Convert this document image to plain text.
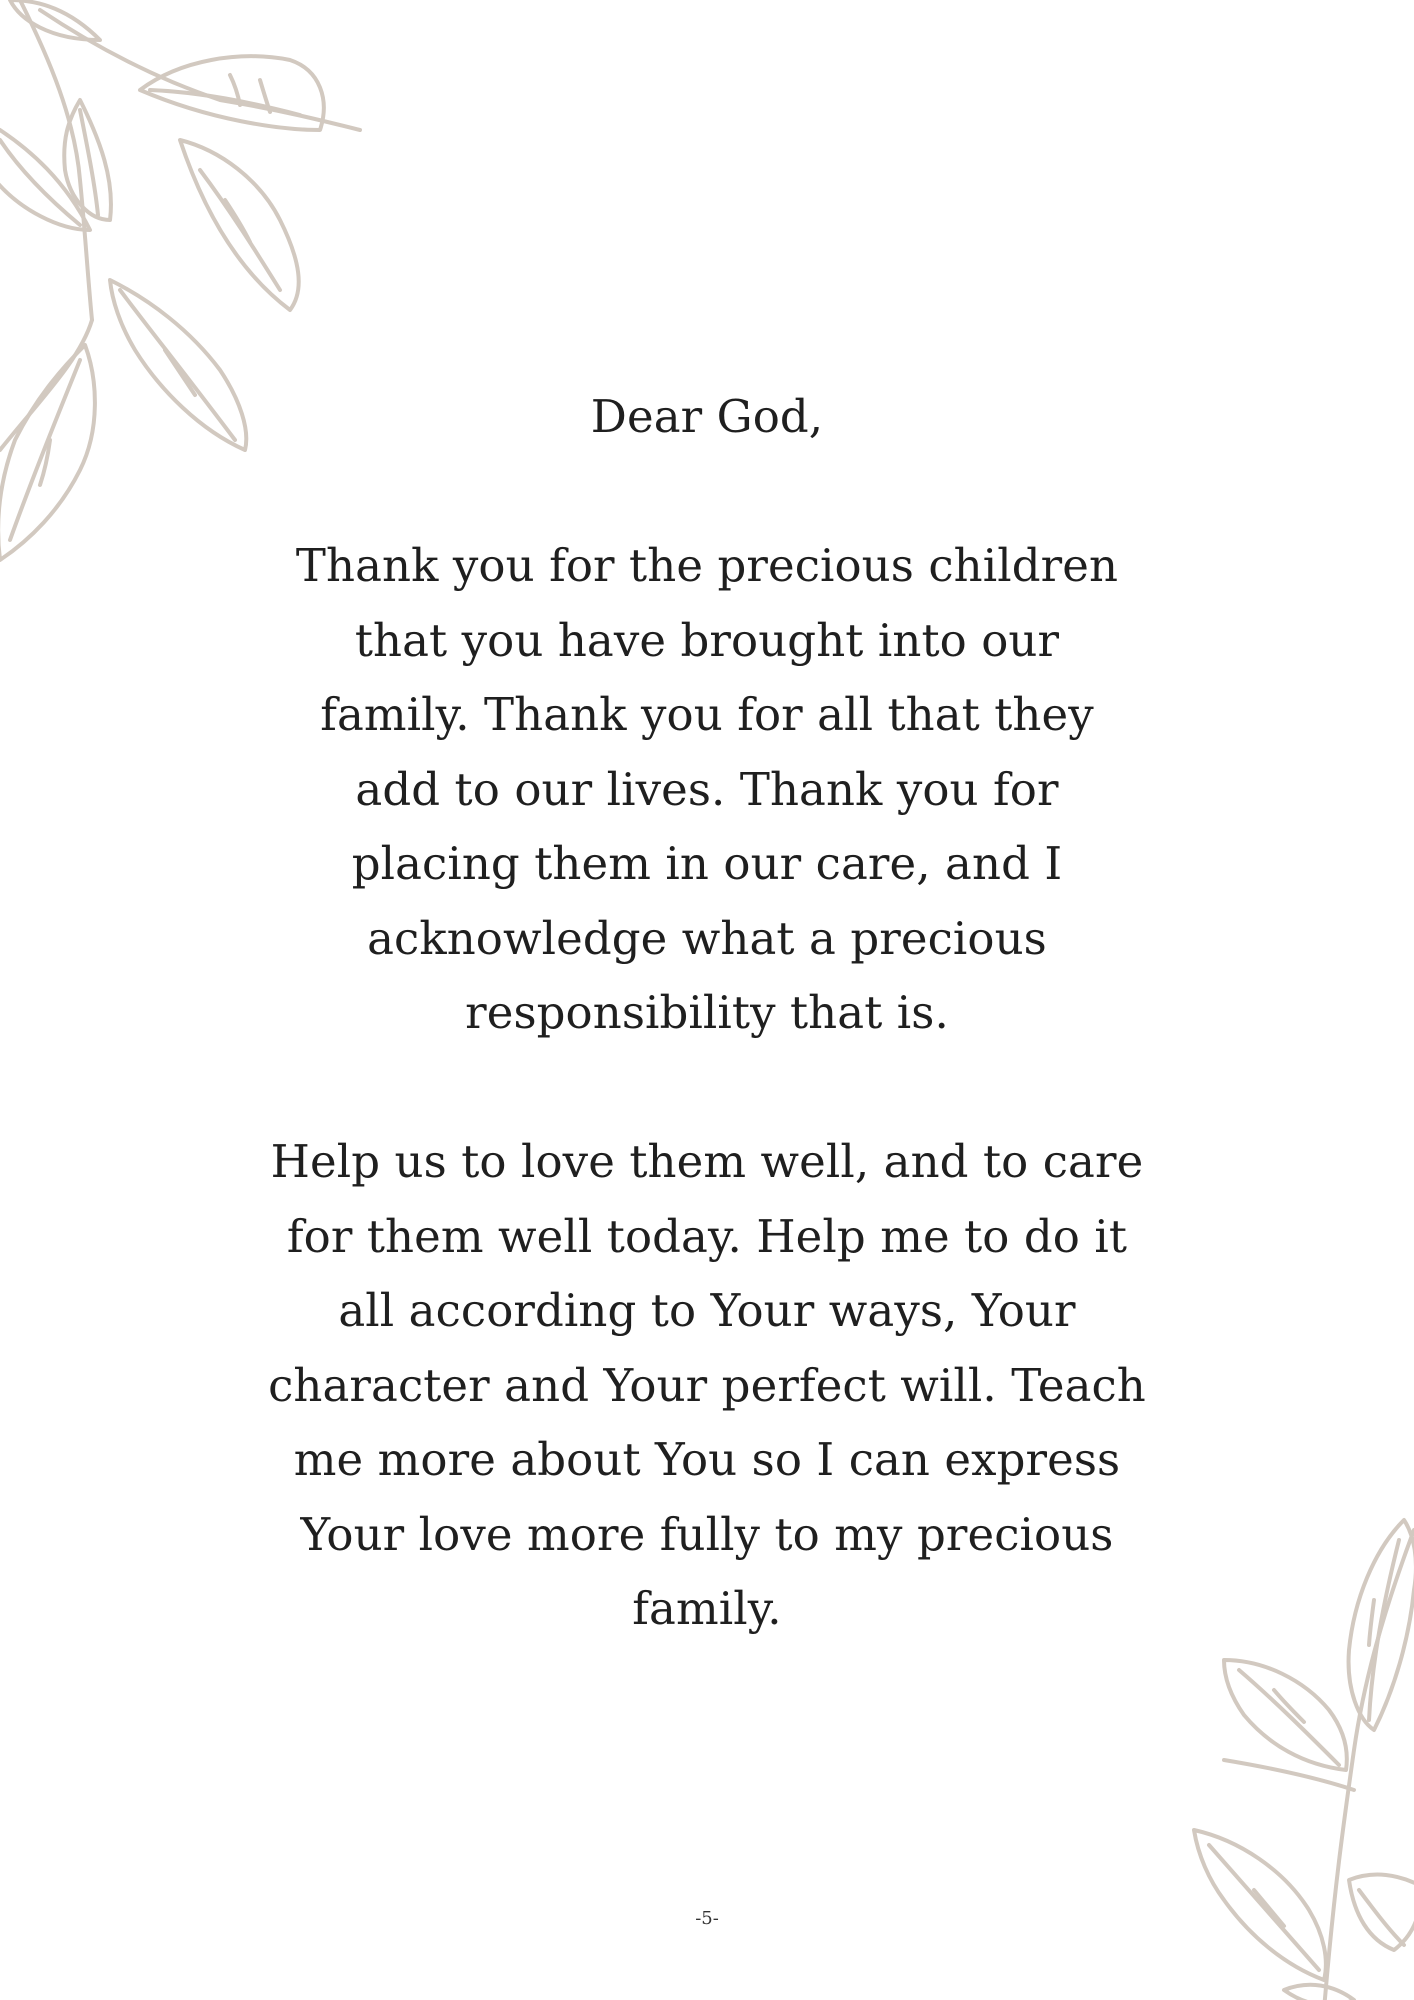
Dear God,

Thank you for the precious children
that you have brought into our
family. Thank you for all that they
add to our lives. Thank you for
placing them in our care, and I
acknowledge what a precious
responsibility that is.

Help us to love them well, and to care
for them well today. Help me to do it
all according to Your ways, Your
character and Your perfect will. Teach
me more about You so I can express
Your love more fully to my precious
family.

-5-
